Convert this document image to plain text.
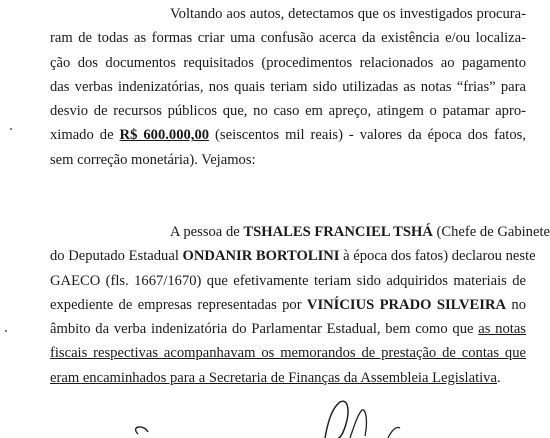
Voltando aos autos, detectamos que os investigados procura-
ram de todas as formas criar uma confusão acerca da existência e/ou localiza-
ção dos documentos requisitados (procedimentos relacionados ao pagamento
das verbas indenizatórias, nos quais teriam sido utilizadas as notas “frias” para
desvio de recursos públicos que, no caso em apreço, atingem o patamar apro-
ximado de R$ 600.000,00 (seiscentos mil reais) - valores da época dos fatos,
sem correção monetária). Vejamos:

A pessoa de TSHALES FRANCIEL TSHÁ (Chefe de Gabinete
do Deputado Estadual ONDANIR BORTOLINI à época dos fatos) declarou neste
GAECO (fls. 1667/1670) que efetivamente teriam sido adquiridos materiais de
expediente de empresas representadas por VINÍCIUS PRADO SILVEIRA no
âmbito da verba indenizatória do Parlamentar Estadual, bem como que as notas
fiscais respectivas acompanhavam os memorandos de prestação de contas que
eram encaminhados para a Secretaria de Finanças da Assembleia Legislativa.
